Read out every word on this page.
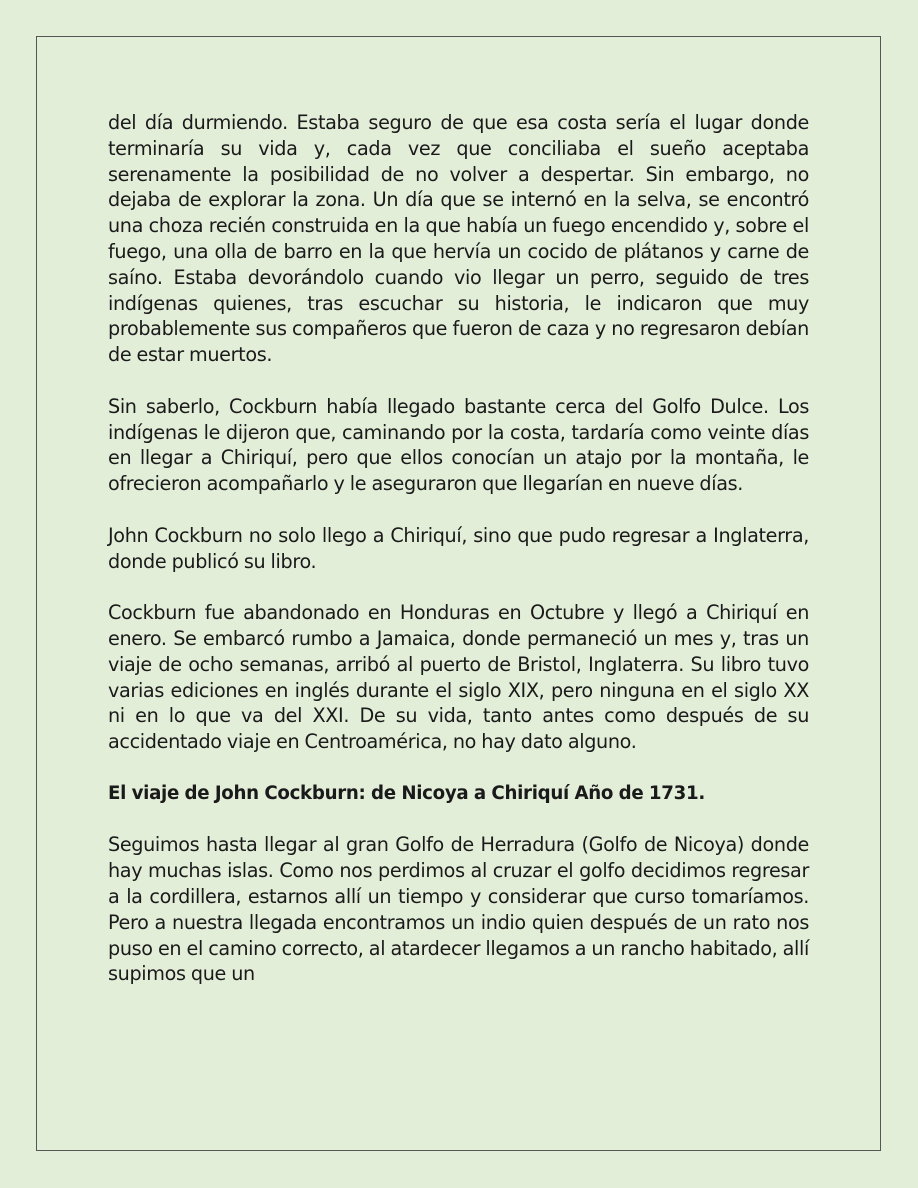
del día durmiendo. Estaba seguro de que esa costa sería el lugar donde terminaría su vida y, cada vez que conciliaba el sueño aceptaba serenamente la posibilidad de no volver a despertar. Sin embargo, no dejaba de explorar la zona. Un día que se internó en la selva, se encontró una choza recién construida en la que había un fuego encendido y, sobre el fuego, una olla de barro en la que hervía un cocido de plátanos y carne de saíno. Estaba devorándolo cuando vio llegar un perro, seguido de tres indígenas quienes, tras escuchar su historia, le indicaron que muy probablemente sus compañeros que fueron de caza y no regresaron debían de estar muertos.

Sin saberlo, Cockburn había llegado bastante cerca del Golfo Dulce. Los indígenas le dijeron que, caminando por la costa, tardaría como veinte días en llegar a Chiriquí, pero que ellos conocían un atajo por la montaña, le ofrecieron acompañarlo y le aseguraron que llegarían en nueve días.

John Cockburn no solo llego a Chiriquí, sino que pudo regresar a Inglaterra, donde publicó su libro.

Cockburn fue abandonado en Honduras en Octubre y llegó a Chiriquí en enero. Se embarcó rumbo a Jamaica, donde permaneció un mes y, tras un viaje de ocho semanas, arribó al puerto de Bristol, Inglaterra. Su libro tuvo varias ediciones en inglés durante el siglo XIX, pero ninguna en el siglo XX ni en lo que va del XXI. De su vida, tanto antes como después de su accidentado viaje en Centroamérica, no hay dato alguno.

El viaje de John Cockburn: de Nicoya a Chiriquí Año de 1731.

Seguimos hasta llegar al gran Golfo de Herradura (Golfo de Nicoya) donde hay muchas islas. Como nos perdimos al cruzar el golfo decidimos regresar a la cordillera, estarnos allí un tiempo y considerar que curso tomaríamos. Pero a nuestra llegada encontramos un indio quien después de un rato nos puso en el camino correcto, al atardecer llegamos a un rancho habitado, allí supimos que un
